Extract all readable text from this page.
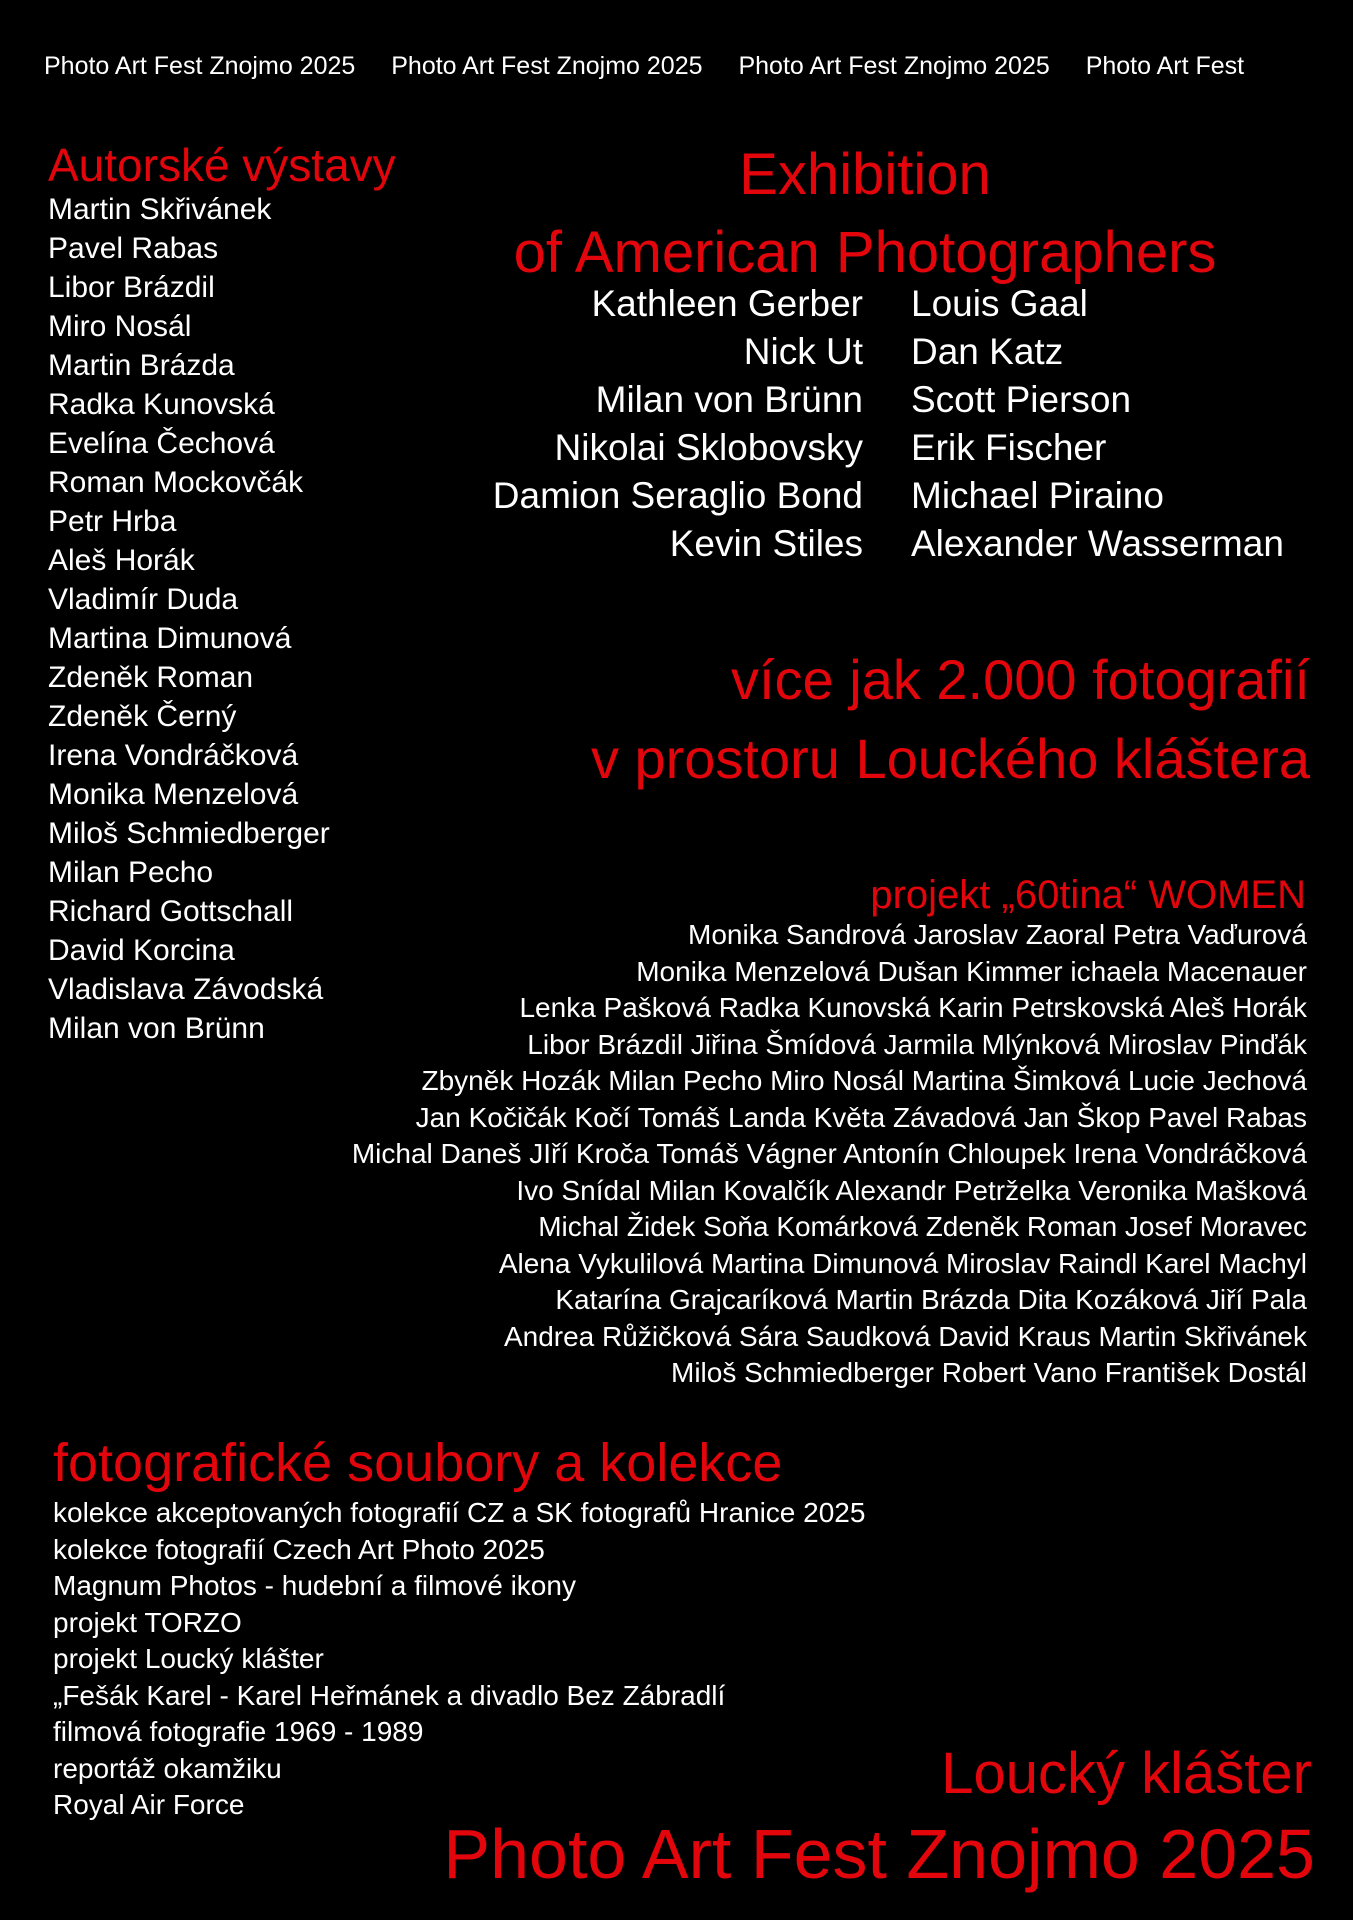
Photo Art Fest Znojmo 2025 Photo Art Fest Znojmo 2025 Photo Art Fest Znojmo 2025 Photo Art Fest
Autorské výstavy
Martin Skřivánek
Pavel Rabas
Libor Brázdil
Miro Nosál
Martin Brázda
Radka Kunovská
Evelína Čechová
Roman Mockovčák
Petr Hrba
Aleš Horák
Vladimír Duda
Martina Dimunová
Zdeněk Roman
Zdeněk Černý
Irena Vondráčková
Monika Menzelová
Miloš Schmiedberger
Milan Pecho
Richard Gottschall
David Korcina
Vladislava Závodská
Milan von Brünn
Exhibition
of American Photographers
Kathleen Gerber
Nick Ut
Milan von Brünn
Nikolai Sklobovsky
Damion Seraglio Bond
Kevin Stiles
Louis Gaal
Dan Katz
Scott Pierson
Erik Fischer
Michael Piraino
Alexander Wasserman
více jak 2.000 fotografií
v prostoru Louckého kláštera
projekt „60tina“ WOMEN
Monika Sandrová Jaroslav Zaoral Petra Vaďurová
Monika Menzelová Dušan Kimmer ichaela Macenauer
Lenka Pašková Radka Kunovská Karin Petrskovská Aleš Horák
Libor Brázdil Jiřina Šmídová Jarmila Mlýnková Miroslav Pinďák
Zbyněk Hozák Milan Pecho Miro Nosál Martina Šimková Lucie Jechová
Jan Kočičák Kočí Tomáš Landa Květa Závadová Jan Škop Pavel Rabas
Michal Daneš JIří Kroča Tomáš Vágner Antonín Chloupek Irena Vondráčková
Ivo Snídal Milan Kovalčík Alexandr Petrželka Veronika Mašková
Michal Židek Soňa Komárková Zdeněk Roman Josef Moravec
Alena Vykulilová Martina Dimunová Miroslav Raindl Karel Machyl
Katarína Grajcaríková Martin Brázda Dita Kozáková Jiří Pala
Andrea Růžičková Sára Saudková David Kraus Martin Skřivánek
Miloš Schmiedberger Robert Vano František Dostál
fotografické soubory a kolekce
kolekce akceptovaných fotografií CZ a SK fotografů Hranice 2025
kolekce fotografií Czech Art Photo 2025
Magnum Photos - hudební a filmové ikony
projekt TORZO
projekt Loucký klášter
„Fešák Karel - Karel Heřmánek a divadlo Bez Zábradlí
filmová fotografie 1969 - 1989
reportáž okamžiku
Royal Air Force	Loucký klášter
Photo Art Fest Znojmo 2025
